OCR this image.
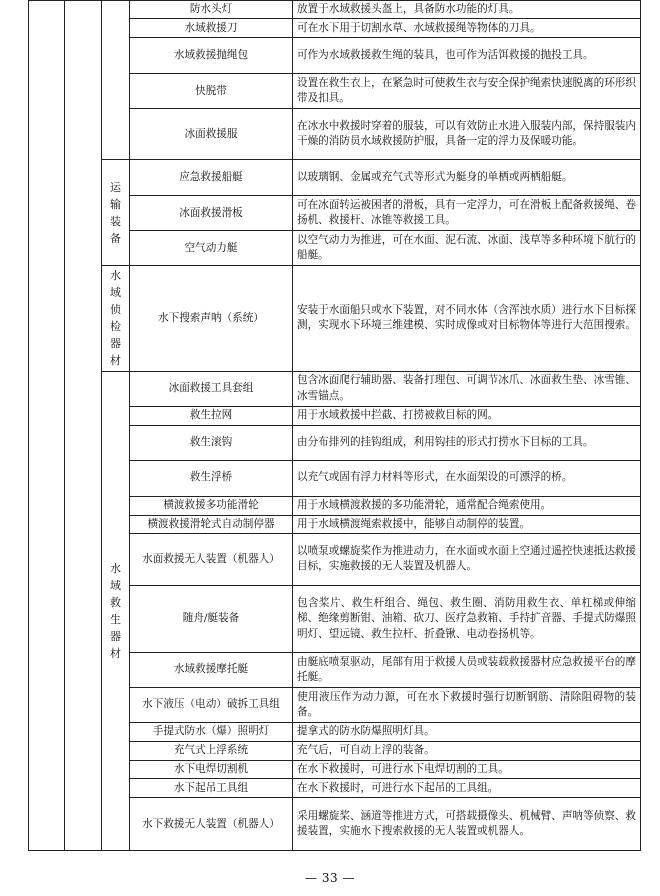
			防水头灯	放置于水域救援头盔上，具备防水功能的灯具。
			水域救援刀	可在水下用于切割水草、水域救援绳等物体的刀具。
			水域救援抛绳包	可作为水域救援救生绳的装具，也可作为活饵救援的抛投工具。
			快脱带	设置在救生衣上，在紧急时可使救生衣与安全保护绳索快速脱离的环形织带及扣具。
			冰面救援服	在冰水中救援时穿着的服装，可以有效防止水进入服装内部，保持服装内干燥的消防员水域救援防护服，具备一定的浮力及保暖功能。
		运输装备	应急救援船艇	以玻璃钢、金属或充气式等形式为艇身的单栖或两栖船艇。
			冰面救援滑板	可在冰面转运被困者的滑板，具有一定浮力，可在滑板上配备救援绳、卷扬机、救援杆、冰锥等救援工具。
			空气动力艇	以空气动力为推进，可在水面、泥石流、冰面、浅草等多种环境下航行的船艇。
		水域侦检器材	水下搜索声呐（系统）	安装于水面船只或水下装置，对不同水体（含浑浊水质）进行水下目标探测，实现水下环境三维建模、实时成像或对目标物体等进行大范围搜索。
		水域救生器材	冰面救援工具套组	包含冰面爬行辅助器、装备打理包、可调节冰爪、冰面救生垫、冰雪锥、冰雪锚点。
			救生拉网	用于水域救援中拦截、打捞被救目标的网。
			救生滚钩	由分布排列的挂钩组成，利用钩挂的形式打捞水下目标的工具。
			救生浮桥	以充气或固有浮力材料等形式，在水面架设的可漂浮的桥。
			横渡救援多功能滑轮	用于水域横渡救援的多功能滑轮，通常配合绳索使用。
			横渡救援滑轮式自动制停器	用于水域横渡绳索救援中，能够自动制停的装置。
			水面救援无人装置（机器人）	以喷泵或螺旋桨作为推进动力，在水面或水面上空通过遥控快速抵达救援目标，实施救援的无人装置及机器人。
			随舟/艇装备	包含桨片、救生杆组合、绳包、救生圈、消防用救生衣、单杠梯或伸缩梯、绝缘剪断钳、油箱、砍刀、医疗急救箱、手持扩音器、手提式防爆照明灯、望远镜、救生拉杆、折叠锹、电动卷扬机等。
			水域救援摩托艇	由艇底喷泵驱动，尾部有用于救援人员或装载救援器材应急救援平台的摩托艇。
			水下液压（电动）破拆工具组	使用液压作为动力源，可在水下救援时强行切断钢筋、清除阻碍物的装备。
			手提式防水（爆）照明灯	提拿式的防水防爆照明灯具。
			充气式上浮系统	充气后，可自动上浮的装备。
			水下电焊切割机	在水下救援时，可进行水下电焊切割的工具。
			水下起吊工具组	在水下救援时，可进行水下起吊的工具组。
			水下救援无人装置（机器人）	采用螺旋桨、涵道等推进方式，可搭载摄像头、机械臂、声呐等侦察、救援装置，实施水下搜索救援的无人装置或机器人。
— 33 —
